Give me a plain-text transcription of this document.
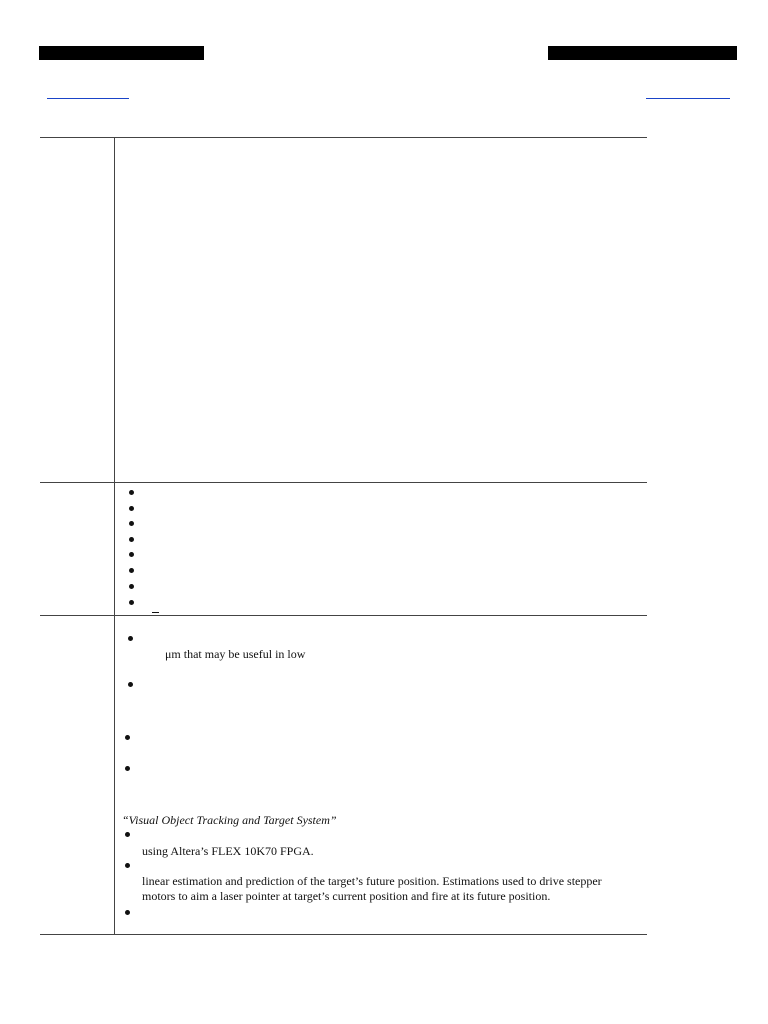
μm that may be useful in low
“Visual Object Tracking and Target System”
using Altera’s FLEX 10K70 FPGA.
linear estimation and prediction of the target’s future position. Estimations used to drive stepper
motors to aim a laser pointer at target’s current position and fire at its future position.
